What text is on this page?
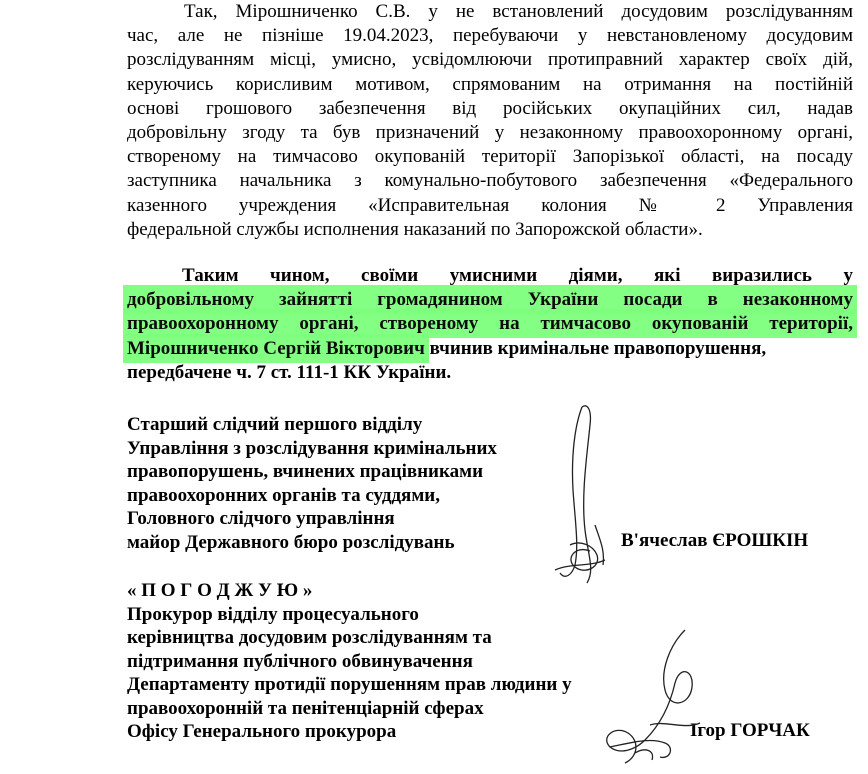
Так, Мірошниченко С.В. у не встановлений досудовим розслідуванням
час, але не пізніше 19.04.2023, перебуваючи у невстановленому досудовим
розслідуванням місці, умисно, усвідомлюючи протиправний характер своїх дій,
керуючись корисливим мотивом, спрямованим на отримання на постійній
основі грошового забезпечення від російських окупаційних сил, надав
добровільну згоду та був призначений у незаконному правоохоронному органі,
створеному на тимчасово окупованій території Запорізької області, на посаду
заступника начальника з комунально-побутового забезпечення «Федерального
казенного учреждения «Исправительная колония № 2 Управления
федеральной службы исполнения наказаний по Запорожской области».
Таким чином, своїми умисними діями, які виразились у
добровільному зайнятті громадянином України посади в незаконному
правоохоронному органі, створеному на тимчасово окупованій території,
Мірошниченко Сергій Вікторович вчинив кримінальне правопорушення,
передбачене ч. 7 ст. 111-1 КК України.
Старший слідчий першого відділу
Управління з розслідування кримінальних
правопорушень, вчинених працівниками
правоохоронних органів та суддями,
Головного слідчого управління
майор Державного бюро розслідувань	В'ячеслав ЄРОШКІН
« П О Г О Д Ж У Ю »
Прокурор відділу процесуального
керівництва досудовим розслідуванням та
підтримання публічного обвинувачення
Департаменту протидії порушенням прав людини у
правоохоронній та пенітенціарній сферах
Офісу Генерального прокурора	Ігор ГОРЧАК
